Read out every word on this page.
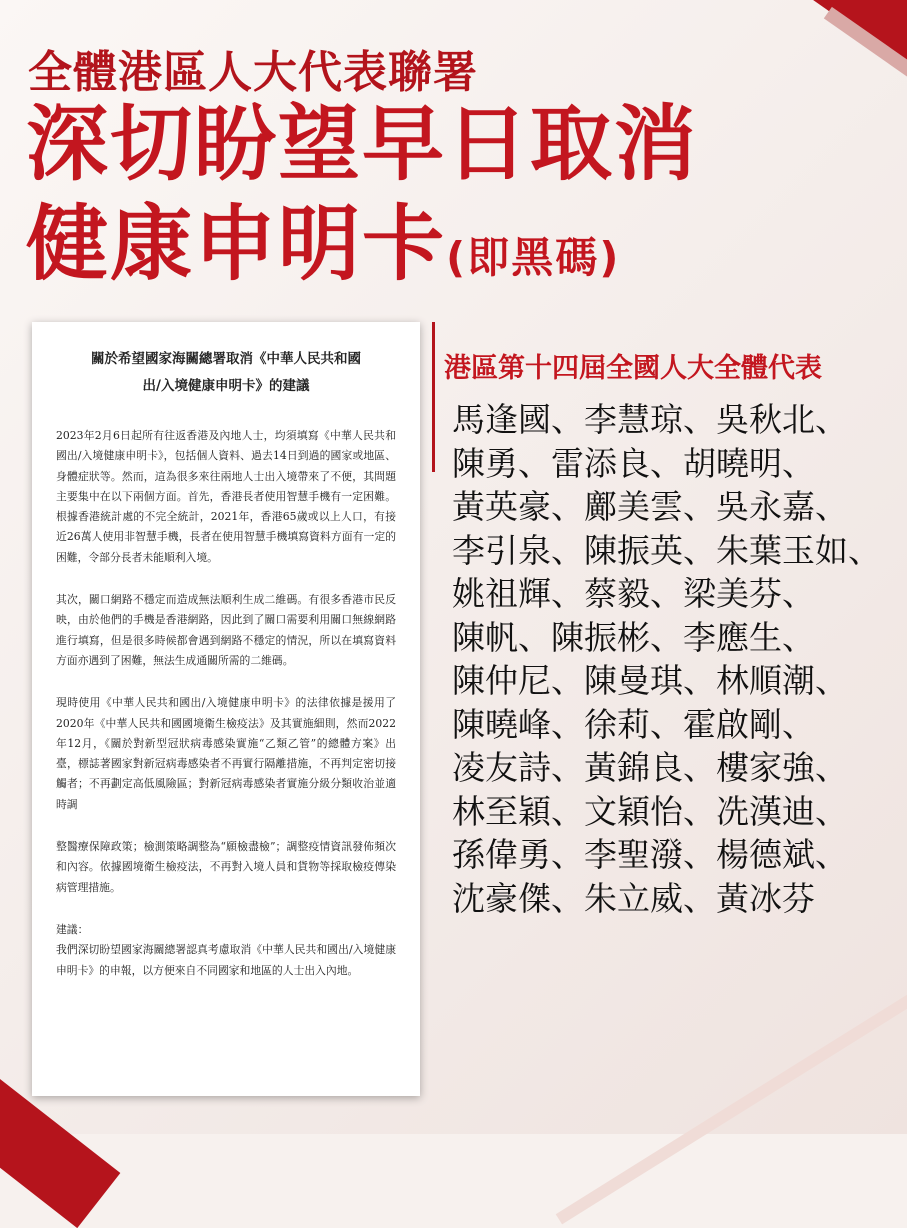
全體港區人大代表聯署
深切盼望早日取消
健康申明卡(即黑碼)
關於希望國家海關總署取消《中華人民共和國
出/入境健康申明卡》的建議

2023年2月6日起所有往返香港及內地人士，均須填寫《中華人民共和國出/入境健康申明卡》，包括個人資料、過去14日到過的國家或地區、身體症狀等。然而，這為很多來往兩地人士出入境帶來了不便，其問題主要集中在以下兩個方面。首先，香港長者使用智慧手機有一定困難。根據香港統計處的不完全統計，2021年，香港65歲或以上人口，有接近26萬人使用非智慧手機，長者在使用智慧手機填寫資料方面有一定的困難，令部分長者未能順利入境。

其次，關口網路不穩定而造成無法順利生成二維碼。有很多香港市民反映，由於他們的手機是香港網路，因此到了關口需要利用關口無線網路進行填寫，但是很多時候都會遇到網路不穩定的情況，所以在填寫資料方面亦遇到了困難，無法生成通關所需的二維碼。

現時使用《中華人民共和國出/入境健康申明卡》的法律依據是援用了2020年《中華人民共和國國境衛生檢疫法》及其實施細則，然而2022年12月，《關於對新型冠狀病毒感染實施“乙類乙管”的總體方案》出臺，標誌著國家對新冠病毒感染者不再實行隔離措施，不再判定密切接觸者；不再劃定高低風險區；對新冠病毒感染者實施分級分類收治並適時調

整醫療保障政策；檢測策略調整為“願檢盡檢”；調整疫情資訊發佈頻次和內容。依據國境衛生檢疫法，不再對入境人員和貨物等採取檢疫傳染病管理措施。

建議：

我們深切盼望國家海關總署認真考慮取消《中華人民共和國出/入境健康申明卡》的申報，以方便來自不同國家和地區的人士出入內地。

港區第十四屆全國人大全體代表
馬逢國、李慧琼、吳秋北、
陳勇、雷添良、胡曉明、
黃英豪、鄺美雲、吳永嘉、
李引泉、陳振英、朱葉玉如、
姚祖輝、蔡毅、梁美芬、
陳帆、陳振彬、李應生、
陳仲尼、陳曼琪、林順潮、
陳曉峰、徐莉、霍啟剛、
凌友詩、黃錦良、樓家強、
林至穎、文穎怡、冼漢迪、
孫偉勇、李聖潑、楊德斌、
沈豪傑、朱立威、黃冰芬
